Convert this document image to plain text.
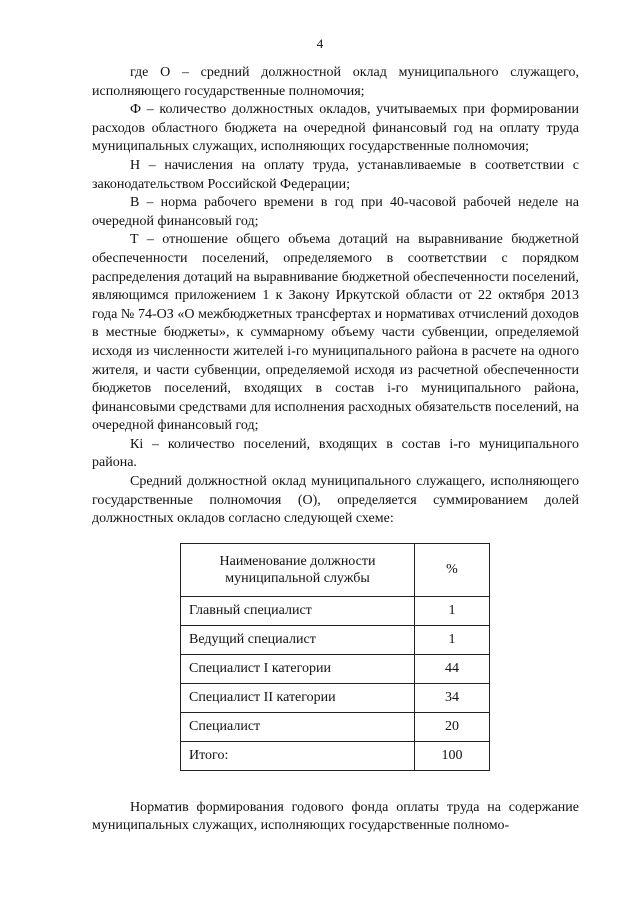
4

где О – средний должностной оклад муниципального служащего, исполняющего государственные полномочия;

Ф – количество должностных окладов, учитываемых при формировании расходов областного бюджета на очередной финансовый год на оплату труда муниципальных служащих, исполняющих государственные полномочия;

Н – начисления на оплату труда, устанавливаемые в соответствии с законодательством Российской Федерации;

В – норма рабочего времени в год при 40-часовой рабочей неделе на очередной финансовый год;

Т – отношение общего объема дотаций на выравнивание бюджетной обеспеченности поселений, определяемого в соответствии с порядком распределения дотаций на выравнивание бюджетной обеспеченности поселений, являющимся приложением 1 к Закону Иркутской области от 22 октября 2013 года № 74-ОЗ «О межбюджетных трансфертах и нормативах отчислений доходов в местные бюджеты», к суммарному объему части субвенции, определяемой исходя из численности жителей i-го муниципального района в расчете на одного жителя, и части субвенции, определяемой исходя из расчетной обеспеченности бюджетов поселений, входящих в состав i-го муниципального района, финансовыми средствами для исполнения расходных обязательств поселений, на очередной финансовый год;

Кi – количество поселений, входящих в состав i-го муниципального района.

Средний должностной оклад муниципального служащего, исполняющего государственные полномочия (О), определяется суммированием долей должностных окладов согласно следующей схеме:

Наименование должности муниципальной службы	%
Главный специалист	1
Ведущий специалист	1
Специалист I категории	44
Специалист II категории	34
Специалист	20
Итого:	100

Норматив формирования годового фонда оплаты труда на содержание муниципальных служащих, исполняющих государственные полномо-
